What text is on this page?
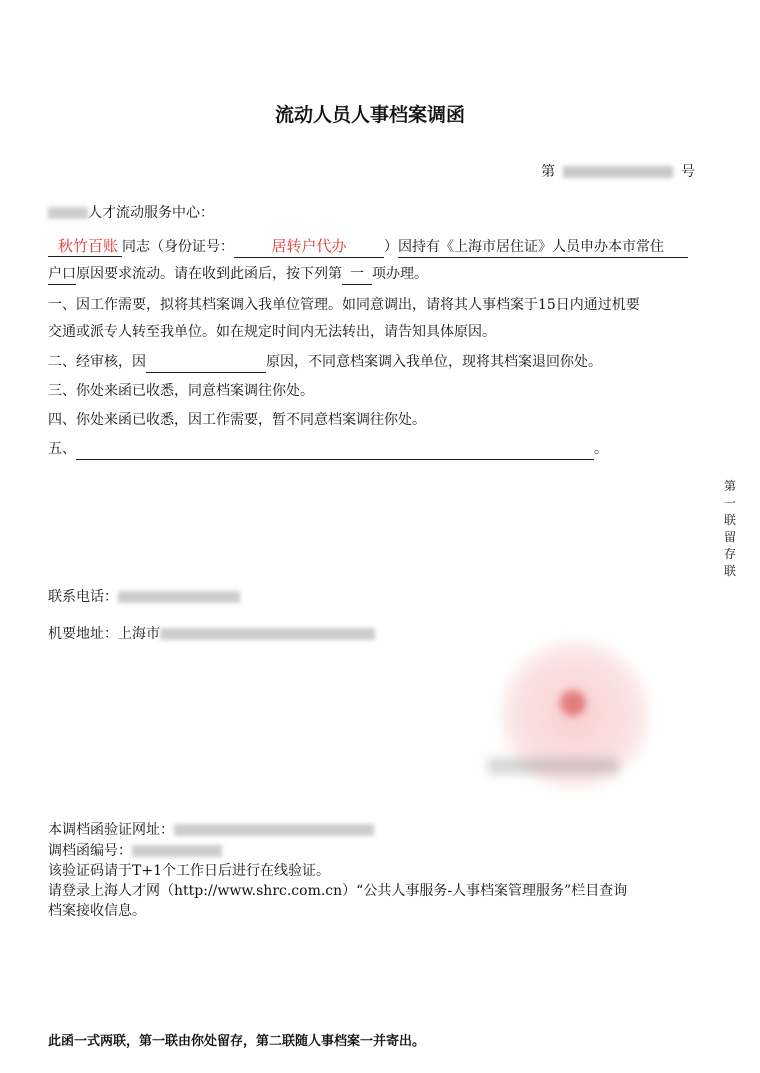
流动人员人事档案调函
第	号
人才流动服务中心：
秋竹百账 同志（身份证号： 居转户代办	）因持有《上海市居住证》人员申办本市常住
户口原因要求流动。请在收到此函后，按下列第 一 项办理。
一、因工作需要，拟将其档案调入我单位管理。如同意调出，请将其人事档案于15日内通过机要
交通或派专人转至我单位。如在规定时间内无法转出，请告知具体原因。
二、经审核，因	原因，不同意档案调入我单位，现将其档案退回你处。
三、你处来函已收悉，同意档案调往你处。
四、你处来函已收悉，因工作需要，暂不同意档案调往你处。
五、	。
第一联留存联
联系电话：
机要地址：上海市
本调档函验证网址：
调档函编号：
该验证码请于T+1个工作日后进行在线验证。
请登录上海人才网（http://www.shrc.com.cn）“公共人事服务-人事档案管理服务”栏目查询
档案接收信息。
此函一式两联，第一联由你处留存，第二联随人事档案一并寄出。
